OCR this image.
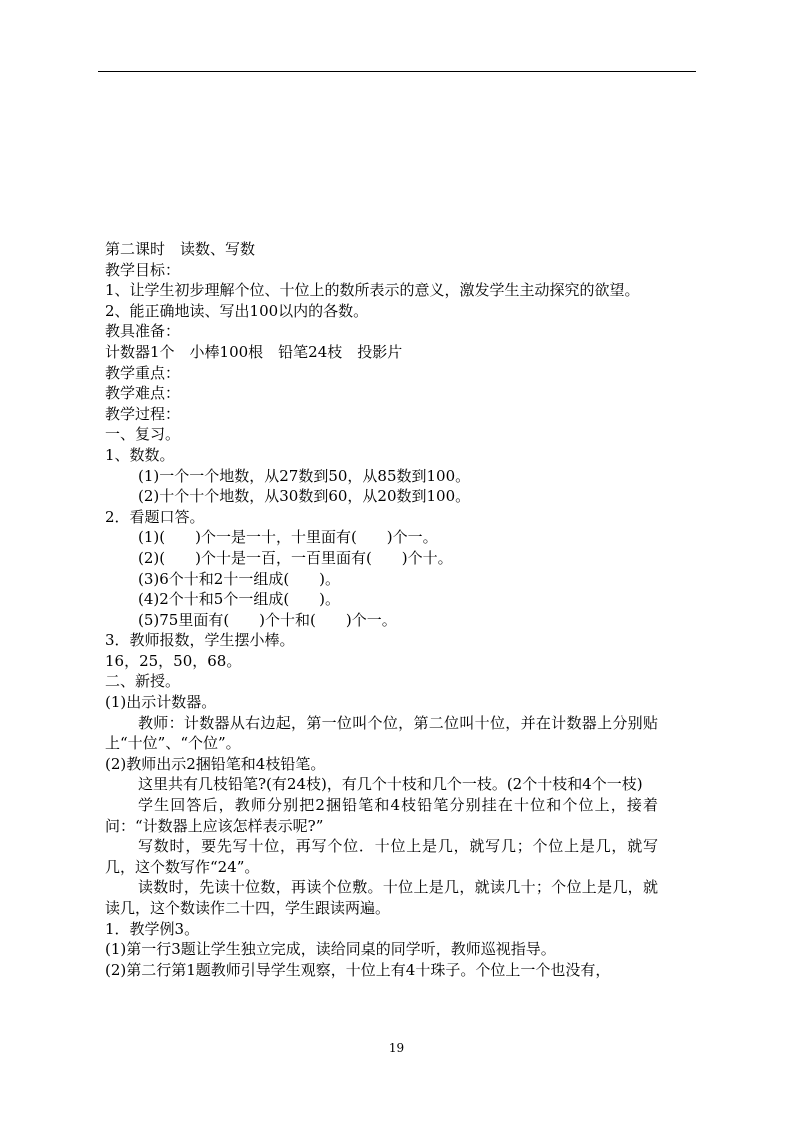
第二课时　读数、写数
教学目标：
1、让学生初步理解个位、十位上的数所表示的意义，激发学生主动探究的欲望。
2、能正确地读、写出100以内的各数。
教具准备：
计数器1个　小棒100根　铅笔24枝　投影片
教学重点：
教学难点：
教学过程：
一、复习。
1、数数。
(1)一个一个地数，从27数到50，从85数到100。
(2)十个十个地数，从30数到60，从20数到100。
2．看题口答。
(1)(　　)个一是一十，十里面有(　　)个一。
(2)(　　)个十是一百，一百里面有(　　)个十。
(3)6个十和2十一组成(　　)。
(4)2个十和5个一组成(　　)。
(5)75里面有(　　)个十和(　　)个一。
3．教师报数，学生摆小棒。
16，25，50，68。
二、新授。
(1)出示计数器。
教师：计数器从右边起，第一位叫个位，第二位叫十位，并在计数器上分别贴上“十位”、“个位”。
(2)教师出示2捆铅笔和4枝铅笔。
这里共有几枝铅笔?(有24枝)，有几个十枝和几个一枝。(2个十枝和4个一枝)
学生回答后，教师分别把2捆铅笔和4枝铅笔分别挂在十位和个位上，接着问：“计数器上应该怎样表示呢?”
写数时，要先写十位，再写个位．十位上是几，就写几；个位上是几，就写几，这个数写作“24”。
读数时，先读十位数，再读个位敷。十位上是几，就读几十；个位上是几，就读几，这个数读作二十四，学生跟读两遍。
1．教学例3。
(1)第一行3题让学生独立完成，读给同桌的同学听，教师巡视指导。
(2)第二行第1题教师引导学生观察，十位上有4十珠子。个位上一个也没有，
19
